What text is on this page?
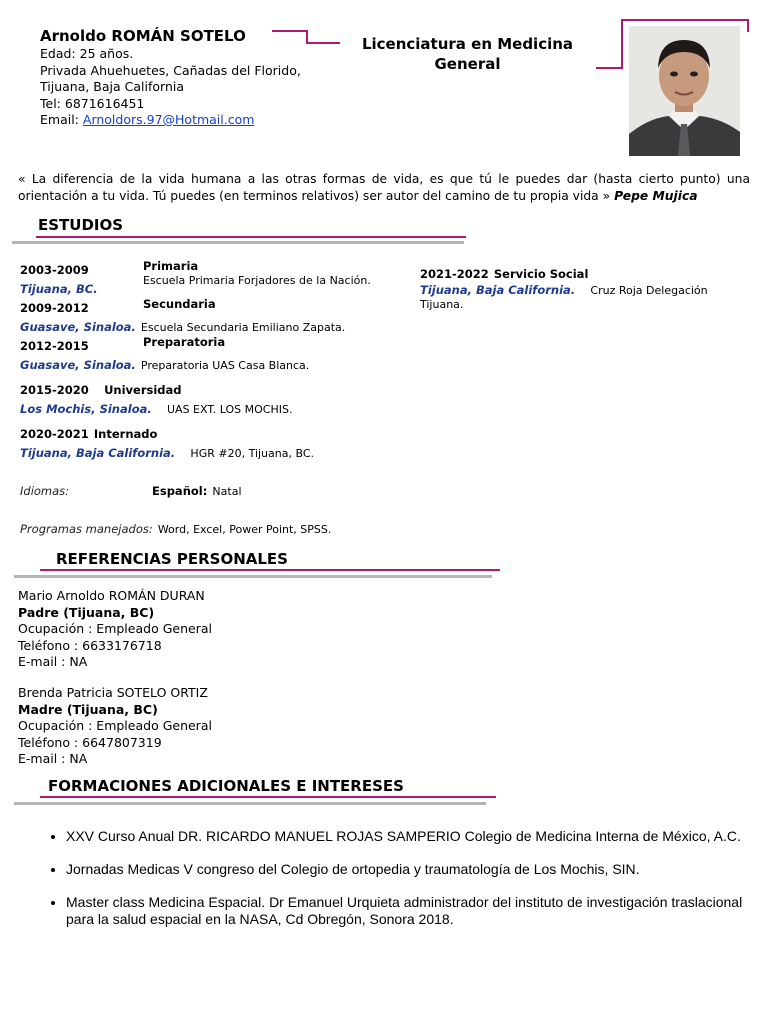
Arnoldo ROMÁN SOTELO
Edad: 25 años.
Privada Ahuehuetes, Cañadas del Florido,
Tijuana, Baja California
Tel: 6871616451
Email: Arnoldors.97@Hotmail.com
Licenciatura en Medicina
General
« La diferencia de la vida humana a las otras formas de vida, es que tú le puedes dar (hasta cierto punto) una orientación a tu vida. Tú puedes (en terminos relativos) ser autor del camino de tu propia vida » Pepe Mujica
ESTUDIOS
2003-2009	Primaria
Tijuana, BC.
Escuela Primaria Forjadores de la Nación.
2009-2012	Secundaria
Guasave, Sinaloa. Escuela Secundaria Emiliano Zapata.
2012-2015	Preparatoria
Guasave, Sinaloa. Preparatoria UAS Casa Blanca.
2015-2020 Universidad
Los Mochis, Sinaloa. UAS EXT. LOS MOCHIS.
2020-2021 Internado
Tijuana, Baja California. HGR #20, Tijuana, BC.
2021-2022 Servicio Social
Tijuana, Baja California. Cruz Roja Delegación
Tijuana.
Idiomas:	Español: Natal
Programas manejados: Word, Excel, Power Point, SPSS.
REFERENCIAS PERSONALES
Mario Arnoldo ROMÁN DURAN
Padre (Tijuana, BC)
Ocupación : Empleado General
Teléfono : 6633176718
E-mail : NA
Brenda Patricia SOTELO ORTIZ
Madre (Tijuana, BC)
Ocupación : Empleado General
Teléfono : 6647807319
E-mail : NA
FORMACIONES ADICIONALES E INTERESES
• XXV Curso Anual DR. RICARDO MANUEL ROJAS SAMPERIO Colegio de Medicina Interna de México, A.C.
• Jornadas Medicas V congreso del Colegio de ortopedia y traumatología de Los Mochis, SIN.
• Master class Medicina Espacial. Dr Emanuel Urquieta administrador del instituto de investigación traslacional para la salud espacial en la NASA, Cd Obregón, Sonora 2018.
